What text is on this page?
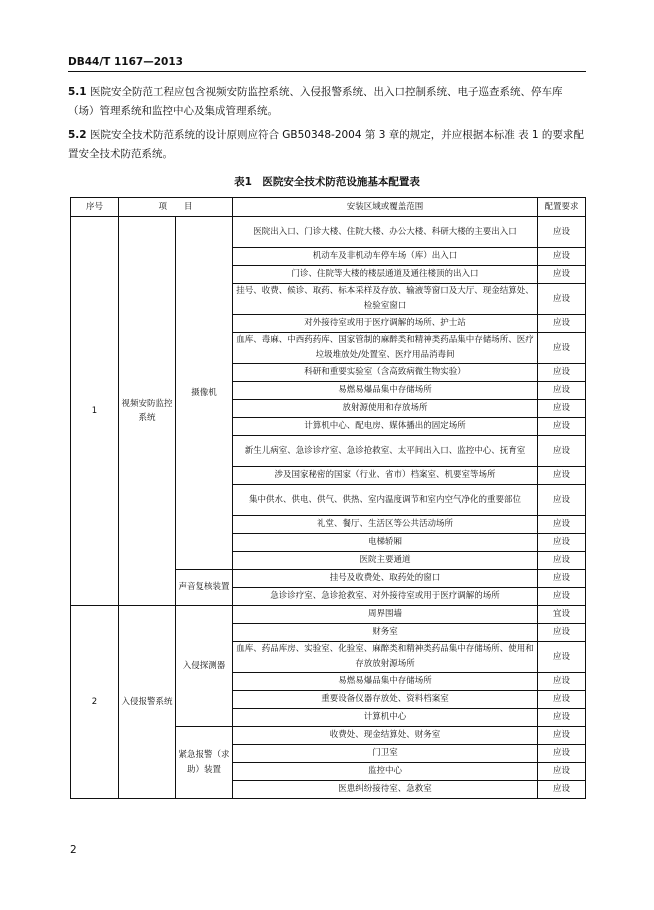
DB44/T 1167—2013
5.1 医院安全防范工程应包含视频安防监控系统、入侵报警系统、出入口控制系统、电子巡查系统、停车库（场）管理系统和监控中心及集成管理系统。
5.2 医院安全技术防范系统的设计原则应符合 GB50348-2004 第 3 章的规定，并应根据本标准 表 1 的要求配置安全技术防范系统。
表1　医院安全技术防范设施基本配置表
序号	项　　目		安装区域或覆盖范围	配置要求
1	视频安防监控系统	摄像机	医院出入口、门诊大楼、住院大楼、办公大楼、科研大楼的主要出入口	应设
			机动车及非机动车停车场（库）出入口	应设
			门诊、住院等大楼的楼层通道及通往楼顶的出入口	应设
			挂号、收费、候诊、取药、标本采样及存放、输液等窗口及大厅、现金结算处、检验室窗口	应设
			对外接待室或用于医疗调解的场所、护士站	应设
			血库、毒麻、中西药药库、国家管制的麻醉类和精神类药品集中存储场所、医疗垃圾堆放处/处置室、医疗用品消毒间	应设
			科研和重要实验室（含高致病微生物实验）	应设
			易燃易爆品集中存储场所	应设
			放射源使用和存放场所	应设
			计算机中心、配电房、媒体播出的固定场所	应设
			新生儿病室、急诊诊疗室、急诊抢救室、太平间出入口、监控中心、抚育室	应设
			涉及国家秘密的国家（行业、省市）档案室、机要室等场所	应设
			集中供水、供电、供气、供热、室内温度调节和室内空气净化的重要部位	应设
			礼堂、餐厅、生活区等公共活动场所	应设
			电梯轿厢	应设
			医院主要通道	应设
		声音复核装置	挂号及收费处、取药处的窗口	应设
			急诊诊疗室、急诊抢救室、对外接待室或用于医疗调解的场所	应设
2	入侵报警系统	入侵探测器	周界围墙	宜设
			财务室	应设
			血库、药品库房、实验室、化验室、麻醉类和精神类药品集中存储场所、使用和存放放射源场所	应设
			易燃易爆品集中存储场所	应设
			重要设备仪器存放处、资料档案室	应设
			计算机中心	应设
		紧急报警（求助）装置	收费处、现金结算处、财务室	应设
			门卫室	应设
			监控中心	应设
			医患纠纷接待室、急救室	应设
2
